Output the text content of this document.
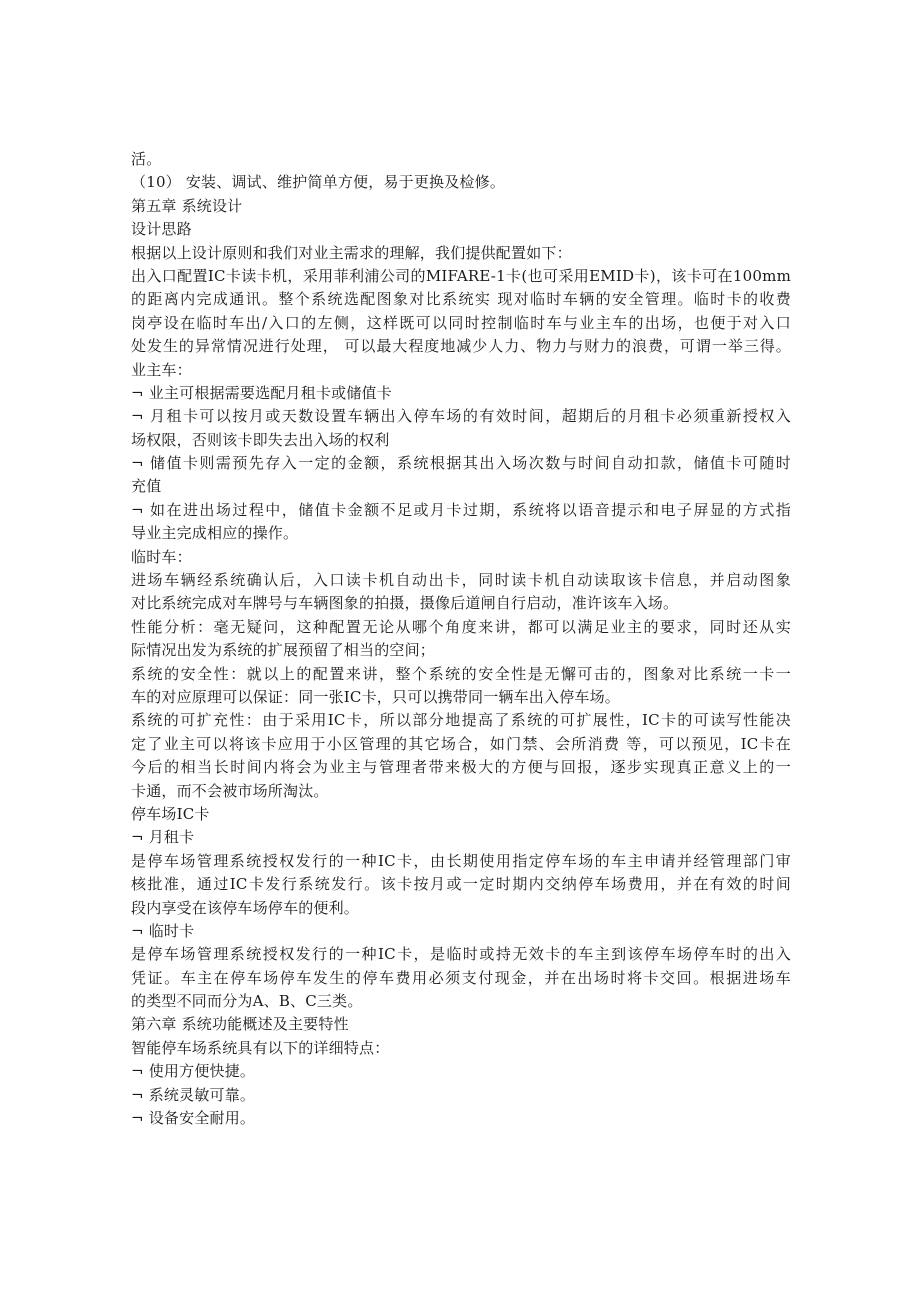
活。
（10） 安装、调试、维护简单方便，易于更换及检修。
第五章 系统设计
设计思路
根据以上设计原则和我们对业主需求的理解，我们提供配置如下：
出入口配置IC卡读卡机，采用菲利浦公司的MIFARE-1卡(也可采用EMID卡)，该卡可在100mm
的距离内完成通讯。整个系统选配图象对比系统实 现对临时车辆的安全管理。临时卡的收费
岗亭设在临时车出/入口的左侧，这样既可以同时控制临时车与业主车的出场，也便于对入口
处发生的异常情况进行处理， 可以最大程度地减少人力、物力与财力的浪费，可谓一举三得。
业主车：
¬ 业主可根据需要选配月租卡或储值卡
¬ 月租卡可以按月或天数设置车辆出入停车场的有效时间，超期后的月租卡必须重新授权入
场权限，否则该卡即失去出入场的权利
¬ 储值卡则需预先存入一定的金额，系统根据其出入场次数与时间自动扣款，储值卡可随时
充值
¬ 如在进出场过程中，储值卡金额不足或月卡过期，系统将以语音提示和电子屏显的方式指
导业主完成相应的操作。
临时车：
进场车辆经系统确认后，入口读卡机自动出卡，同时读卡机自动读取该卡信息，并启动图象
对比系统完成对车牌号与车辆图象的拍摄，摄像后道闸自行启动，准许该车入场。
性能分析：毫无疑问，这种配置无论从哪个角度来讲，都可以满足业主的要求，同时还从实
际情况出发为系统的扩展预留了相当的空间；
系统的安全性：就以上的配置来讲，整个系统的安全性是无懈可击的，图象对比系统一卡一
车的对应原理可以保证：同一张IC卡，只可以携带同一辆车出入停车场。
系统的可扩充性：由于采用IC卡，所以部分地提高了系统的可扩展性，IC卡的可读写性能决
定了业主可以将该卡应用于小区管理的其它场合，如门禁、会所消费 等，可以预见，IC卡在
今后的相当长时间内将会为业主与管理者带来极大的方便与回报，逐步实现真正意义上的一
卡通，而不会被市场所淘汰。
停车场IC卡
¬ 月租卡
是停车场管理系统授权发行的一种IC卡，由长期使用指定停车场的车主申请并经管理部门审
核批准，通过IC卡发行系统发行。该卡按月或一定时期内交纳停车场费用，并在有效的时间
段内享受在该停车场停车的便利。
¬ 临时卡
是停车场管理系统授权发行的一种IC卡，是临时或持无效卡的车主到该停车场停车时的出入
凭证。车主在停车场停车发生的停车费用必须支付现金，并在出场时将卡交回。根据进场车
的类型不同而分为A、B、C三类。
第六章 系统功能概述及主要特性
智能停车场系统具有以下的详细特点：
¬ 使用方便快捷。
¬ 系统灵敏可靠。
¬ 设备安全耐用。
